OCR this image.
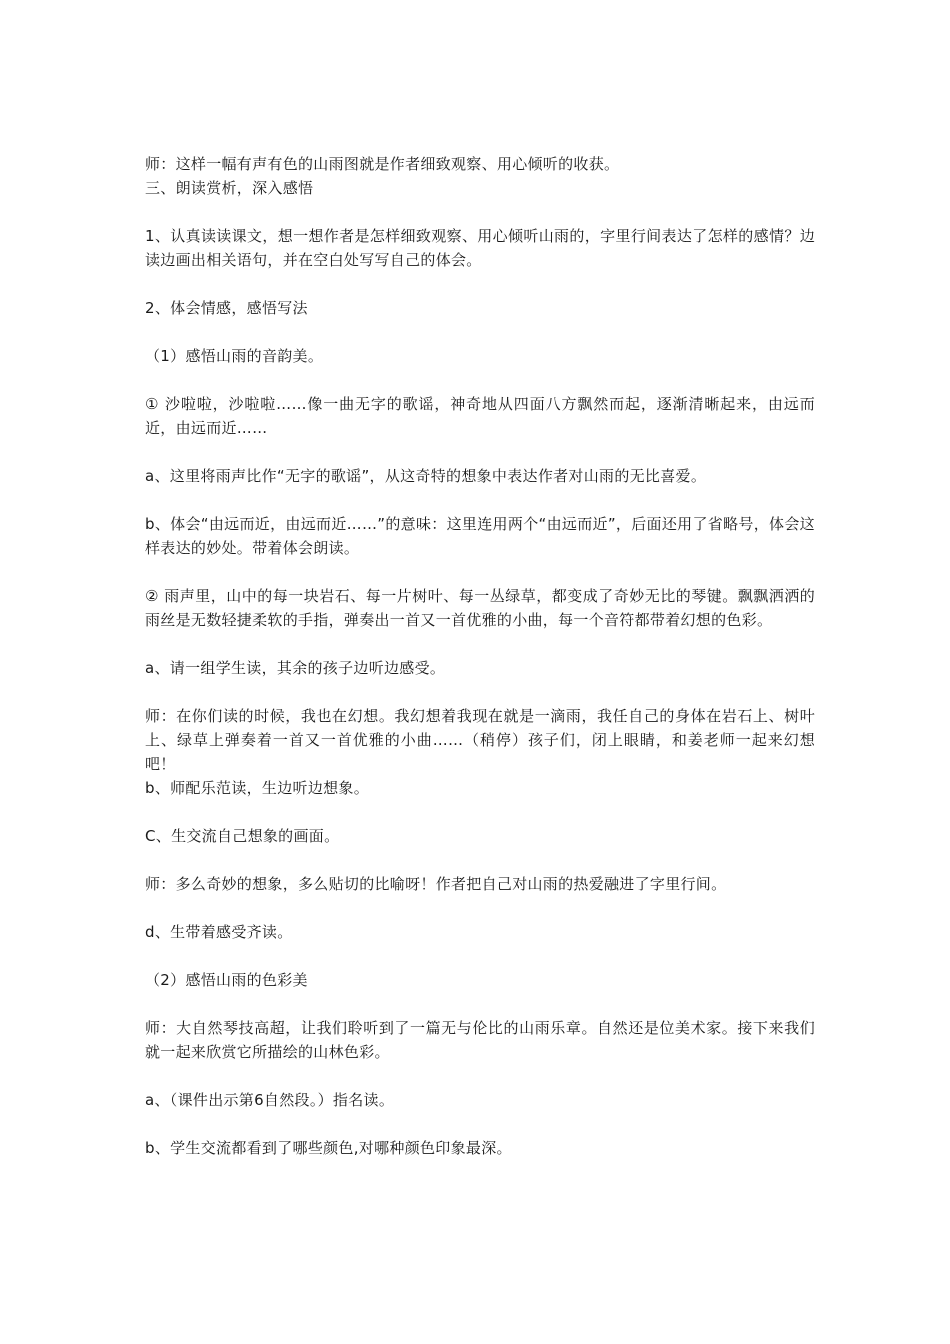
师：这样一幅有声有色的山雨图就是作者细致观察、用心倾听的收获。

三、朗读赏析，深入感悟

1、认真读读课文，想一想作者是怎样细致观察、用心倾听山雨的，字里行间表达了怎样的感情？边读边画出相关语句，并在空白处写写自己的体会。

2、体会情感，感悟写法

（1）感悟山雨的音韵美。

① 沙啦啦，沙啦啦……像一曲无字的歌谣，神奇地从四面八方飘然而起，逐渐清晰起来，由远而近，由远而近……

a、这里将雨声比作“无字的歌谣”，从这奇特的想象中表达作者对山雨的无比喜爱。

b、体会“由远而近，由远而近……”的意味：这里连用两个“由远而近”，后面还用了省略号，体会这样表达的妙处。带着体会朗读。

② 雨声里，山中的每一块岩石、每一片树叶、每一丛绿草，都变成了奇妙无比的琴键。飘飘洒洒的雨丝是无数轻捷柔软的手指，弹奏出一首又一首优雅的小曲，每一个音符都带着幻想的色彩。

a、请一组学生读，其余的孩子边听边感受。

师：在你们读的时候，我也在幻想。我幻想着我现在就是一滴雨，我任自己的身体在岩石上、树叶上、绿草上弹奏着一首又一首优雅的小曲……（稍停）孩子们，闭上眼睛，和姜老师一起来幻想吧！

b、师配乐范读，生边听边想象。

C、生交流自己想象的画面。

师：多么奇妙的想象，多么贴切的比喻呀！作者把自己对山雨的热爱融进了字里行间。

d、生带着感受齐读。

（2）感悟山雨的色彩美

师：大自然琴技高超，让我们聆听到了一篇无与伦比的山雨乐章。自然还是位美术家。接下来我们就一起来欣赏它所描绘的山林色彩。

a、（课件出示第6自然段。）指名读。

b、学生交流都看到了哪些颜色,对哪种颜色印象最深。
